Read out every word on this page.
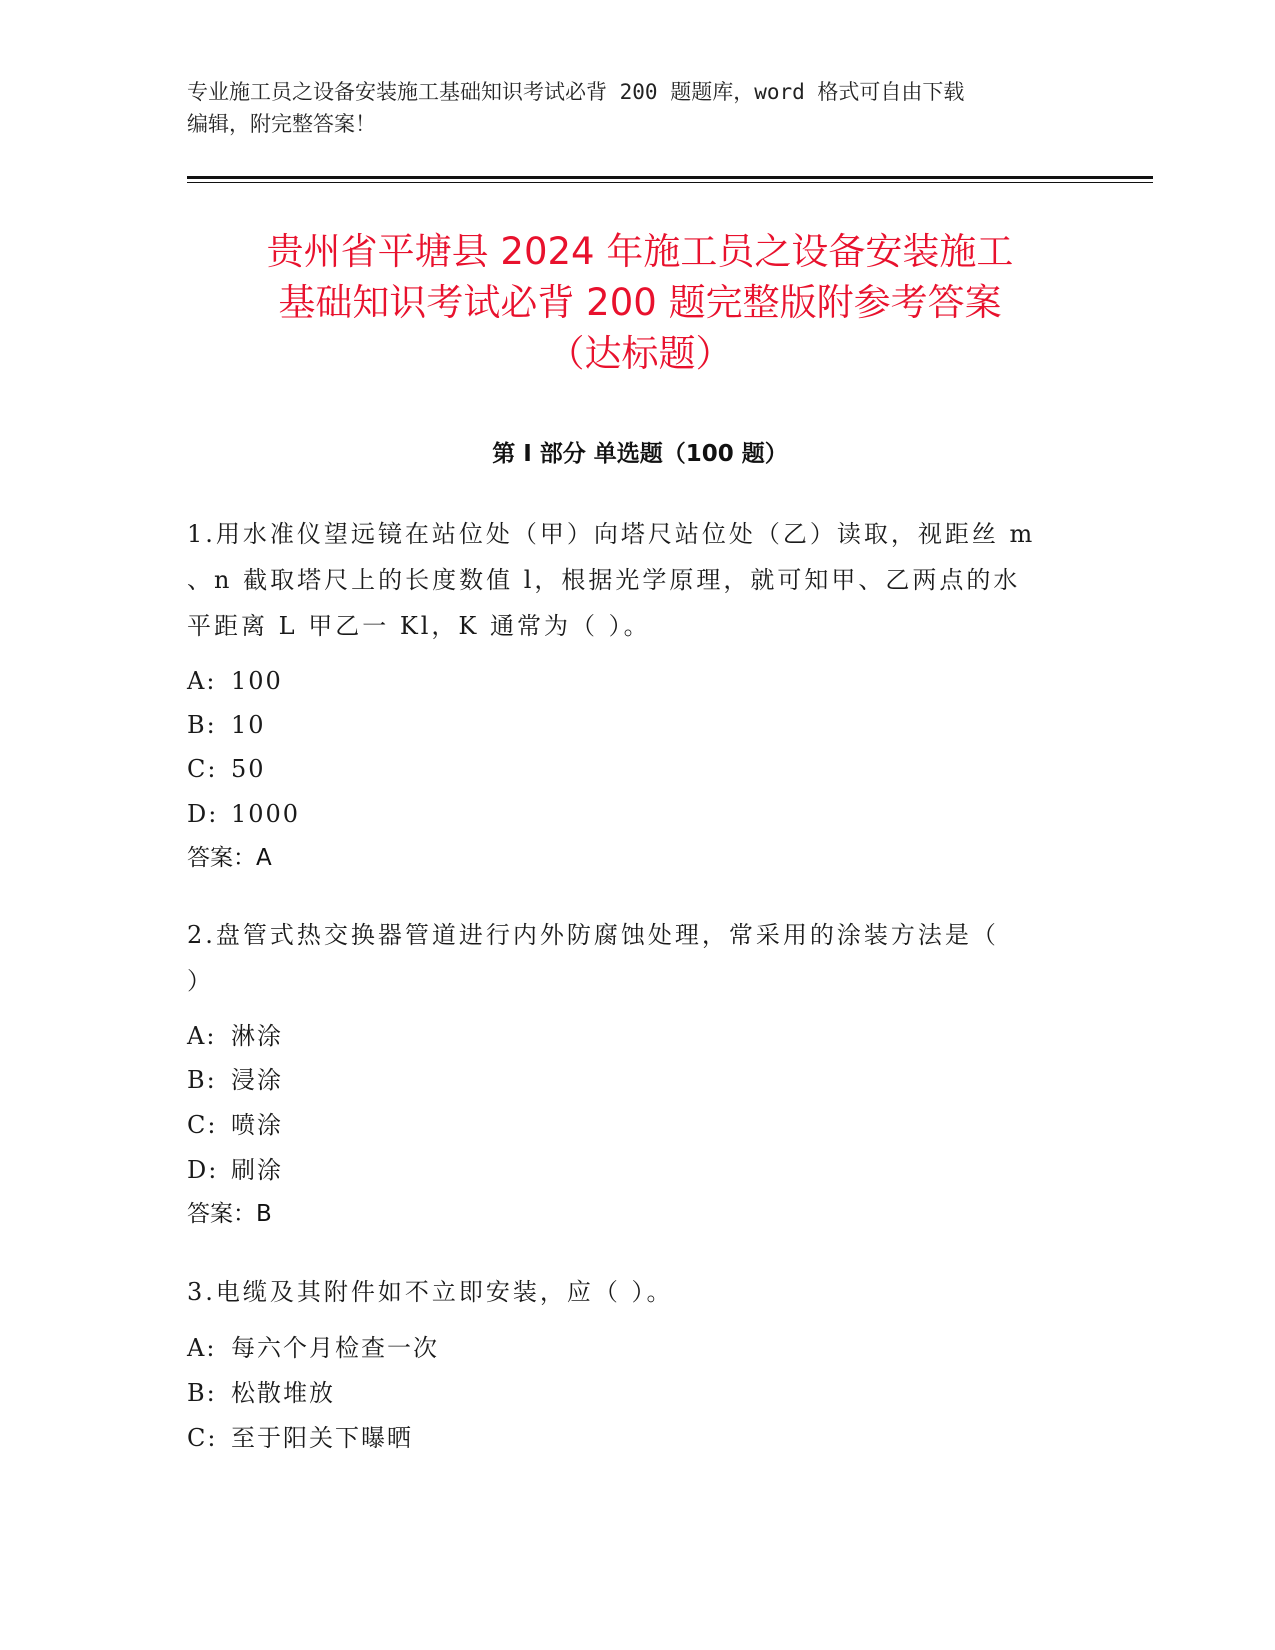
专业施工员之设备安装施工基础知识考试必背 200 题题库，word 格式可自由下载
编辑，附完整答案！

贵州省平塘县 2024 年施工员之设备安装施工
基础知识考试必背 200 题完整版附参考答案
（达标题）
第 I 部分 单选题（100 题）

1.用水准仪望远镜在站位处（甲）向塔尺站位处（乙）读取，视距丝 m
、n 截取塔尺上的长度数值 l，根据光学原理，就可知甲、乙两点的水
平距离 L 甲乙一 Kl，K 通常为（ ）。

A: 100

B: 10

C: 50

D: 1000

答案：A

2.盘管式热交换器管道进行内外防腐蚀处理，常采用的涂装方法是（
）

A: 淋涂

B: 浸涂

C: 喷涂

D: 刷涂

答案：B

3.电缆及其附件如不立即安装，应（ ）。

A: 每六个月检查一次

B: 松散堆放

C: 至于阳关下曝晒
